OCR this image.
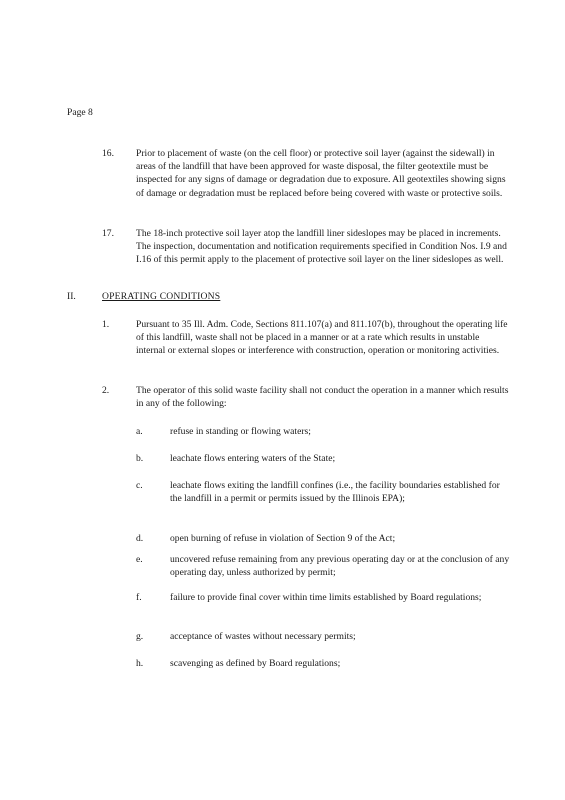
Page 8
16. Prior to placement of waste (on the cell floor) or protective soil layer (against the sidewall) in areas of the landfill that have been approved for waste disposal, the filter geotextile must be inspected for any signs of damage or degradation due to exposure. All geotextiles showing signs of damage or degradation must be replaced before being covered with waste or protective soils.
17. The 18-inch protective soil layer atop the landfill liner sideslopes may be placed in increments. The inspection, documentation and notification requirements specified in Condition Nos. I.9 and I.16 of this permit apply to the placement of protective soil layer on the liner sideslopes as well.
II.	OPERATING CONDITIONS
1.	Pursuant to 35 Ill. Adm. Code, Sections 811.107(a) and 811.107(b), throughout the operating life of this landfill, waste shall not be placed in a manner or at a rate which results in unstable internal or external slopes or interference with construction, operation or monitoring activities.
2.	The operator of this solid waste facility shall not conduct the operation in a manner which results in any of the following:
a.	refuse in standing or flowing waters;
b.	leachate flows entering waters of the State;
c.	leachate flows exiting the landfill confines (i.e., the facility boundaries established for the landfill in a permit or permits issued by the Illinois EPA);
d.	open burning of refuse in violation of Section 9 of the Act;
e.	uncovered refuse remaining from any previous operating day or at the conclusion of any operating day, unless authorized by permit;
f.	failure to provide final cover within time limits established by Board regulations;
g.	acceptance of wastes without necessary permits;
h.	scavenging as defined by Board regulations;
